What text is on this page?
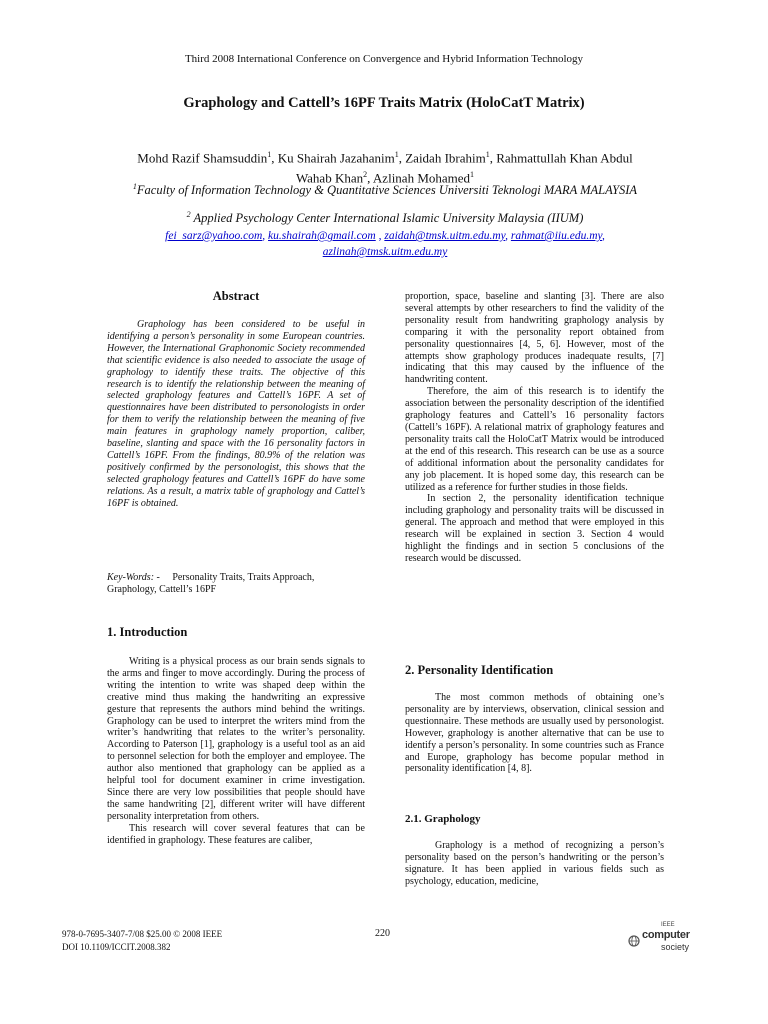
Third 2008 International Conference on Convergence and Hybrid Information Technology
Graphology and Cattell’s 16PF Traits Matrix (HoloCatT Matrix)
Mohd Razif Shamsuddin$^1$, Ku Shairah Jazahanim$^1$, Zaidah Ibrahim$^1$, Rahmattullah Khan Abdul
Wahab Khan$^2$, Azlinah Mohamed$^1$
$^1$Faculty of Information Technology & Quantitative Sciences Universiti Teknologi MARA MALAYSIA
$^2$ Applied Psychology Center International Islamic University Malaysia (IIUM)
fei_sarz@yahoo.com, ku.shairah@gmail.com , zaidah@tmsk.uitm.edu.my, rahmat@iiu.edu.my,
azlinah@tmsk.uitm.edu.my
Abstract

Graphology has been considered to be useful in identifying a person’s personality in some European countries. However, the International Graphonomic Society recommended that scientific evidence is also needed to associate the usage of graphology to identify these traits. The objective of this research is to identify the relationship between the meaning of selected graphology features and Cattell’s 16PF. A set of questionnaires have been distributed to personologists in order for them to verify the relationship between the meaning of five main features in graphology namely proportion, caliber, baseline, slanting and space with the 16 personality factors in Cattell’s 16PF. From the findings, 80.9% of the relation was positively confirmed by the personologist, this shows that the selected graphology features and Cattell’s 16PF do have some relations. As a result, a matrix table of graphology and Cattel’s 16PF is obtained.

Key-Words: -     Personality Traits, Traits Approach, Graphology, Cattell’s 16PF

1. Introduction

Writing is a physical process as our brain sends signals to the arms and finger to move accordingly. During the process of writing the intention to write was shaped deep within the creative mind thus making the handwriting an expressive gesture that represents the authors mind behind the writings. Graphology can be used to interpret the writers mind from the writer’s handwriting that relates to the writer’s personality. According to Paterson [1], graphology is a useful tool as an aid to personnel selection for both the employer and employee. The author also mentioned that graphology can be applied as a helpful tool for document examiner in crime investigation. Since there are very low possibilities that people should have the same handwriting [2], different writer will have different personality interpretation from others.

This research will cover several features that can be identified in graphology. These features are caliber,

proportion, space, baseline and slanting [3]. There are also several attempts by other researchers to find the validity of the personality result from handwriting graphology analysis by comparing it with the personality report obtained from personality questionnaires [4, 5, 6]. However, most of the attempts show graphology produces inadequate results, [7] indicating that this may caused by the influence of the handwriting content.

Therefore, the aim of this research is to identify the association between the personality description of the identified graphology features and Cattell’s 16 personality factors (Cattell’s 16PF). A relational matrix of graphology features and personality traits call the HoloCatT Matrix would be introduced at the end of this research. This research can be use as a source of additional information about the personality candidates for any job placement. It is hoped some day, this research can be utilized as a reference for further studies in those fields.

In section 2, the personality identification technique including graphology and personality traits will be discussed in general. The approach and method that were employed in this research will be explained in section 3. Section 4 would highlight the findings and in section 5 conclusions of the research would be discussed.

2. Personality Identification

The most common methods of obtaining one’s personality are by interviews, observation, clinical session and questionnaire. These methods are usually used by personologist. However, graphology is another alternative that can be use to identify a person’s personality. In some countries such as France and Europe, graphology has become popular method in personality identification [4, 8].

2.1. Graphology

Graphology is a method of recognizing a person’s personality based on the person’s handwriting or the person’s signature. It has been applied in various fields such as psychology, education, medicine,

978-0-7695-3407-7/08 $25.00 © 2008 IEEE
DOI 10.1109/ICCIT.2008.382
220
IEEE
computer
society
